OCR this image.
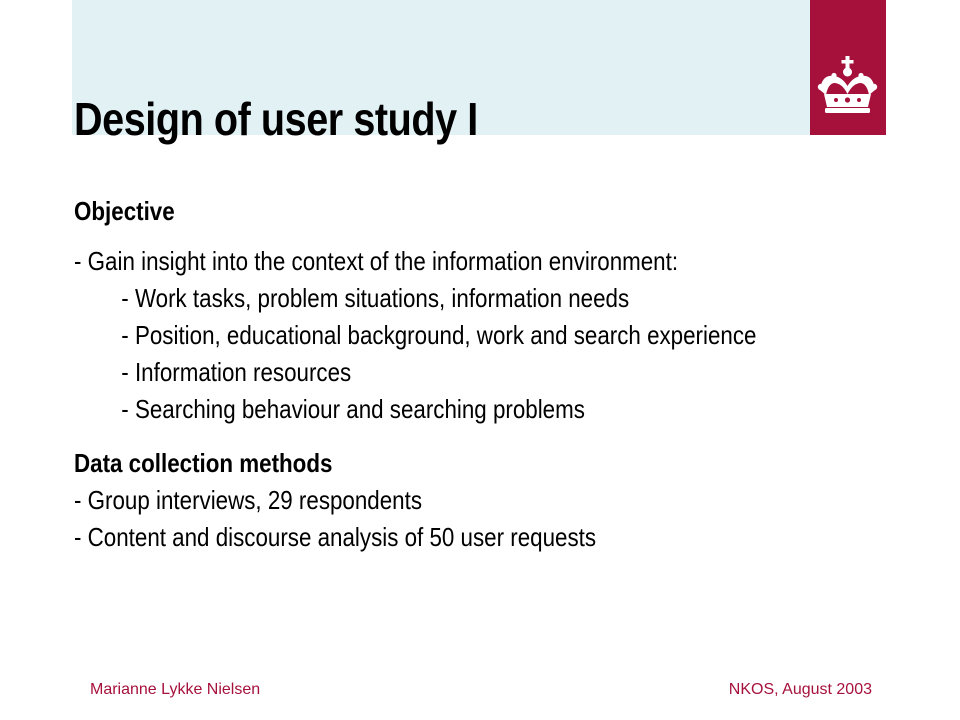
Design of user study I
Objective
- Gain insight into the context of the information environment:
- Work tasks, problem situations, information needs
- Position, educational background, work and search experience
- Information resources
- Searching behaviour and searching problems
Data collection methods
- Group interviews, 29 respondents
- Content and discourse analysis of 50 user requests
Marianne Lykke Nielsen	NKOS, August 2003
